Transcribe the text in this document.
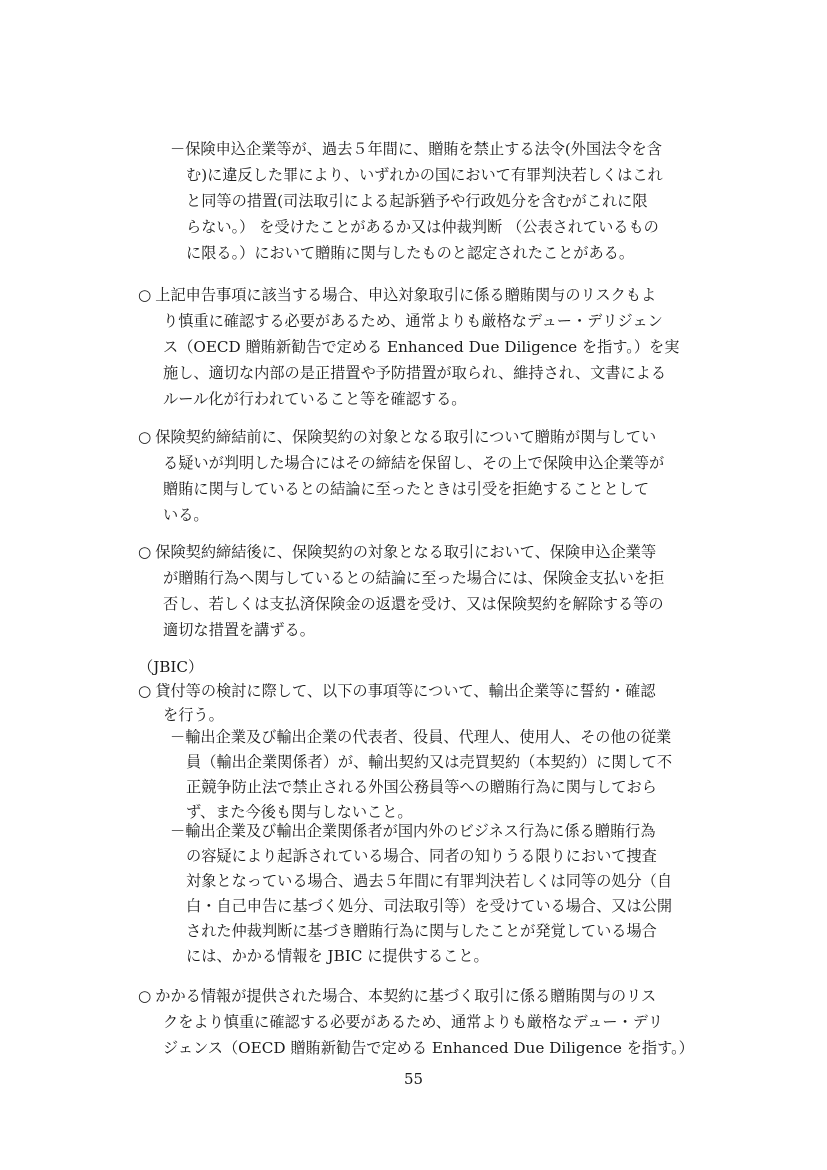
－保険申込企業等が、過去５年間に、贈賄を禁止する法令(外国法令を含
む)に違反した罪により、いずれかの国において有罪判決若しくはこれ
と同等の措置(司法取引による起訴猶予や行政処分を含むがこれに限
らない。） を受けたことがあるか又は仲裁判断 （公表されているもの
に限る。）において贈賄に関与したものと認定されたことがある。
○ 上記申告事項に該当する場合、申込対象取引に係る贈賄関与のリスクもよ
り慎重に確認する必要があるため、通常よりも厳格なデュー・デリジェン
ス（OECD 贈賄新勧告で定める Enhanced Due Diligence を指す。）を実
施し、適切な内部の是正措置や予防措置が取られ、維持され、文書による
ルール化が行われていること等を確認する。
○ 保険契約締結前に、保険契約の対象となる取引について贈賄が関与してい
る疑いが判明した場合にはその締結を保留し、その上で保険申込企業等が
贈賄に関与しているとの結論に至ったときは引受を拒絶することとして
いる。
○ 保険契約締結後に、保険契約の対象となる取引において、保険申込企業等
が贈賄行為へ関与しているとの結論に至った場合には、保険金支払いを拒
否し、若しくは支払済保険金の返還を受け、又は保険契約を解除する等の
適切な措置を講ずる。
（JBIC）
○ 貸付等の検討に際して、以下の事項等について、輸出企業等に誓約・確認
を行う。
－輸出企業及び輸出企業の代表者、役員、代理人、使用人、その他の従業
員（輸出企業関係者）が、輸出契約又は売買契約（本契約）に関して不
正競争防止法で禁止される外国公務員等への贈賄行為に関与しておら
ず、また今後も関与しないこと。
－輸出企業及び輸出企業関係者が国内外のビジネス行為に係る贈賄行為
の容疑により起訴されている場合、同者の知りうる限りにおいて捜査
対象となっている場合、過去５年間に有罪判決若しくは同等の処分（自
白・自己申告に基づく処分、司法取引等）を受けている場合、又は公開
された仲裁判断に基づき贈賄行為に関与したことが発覚している場合
には、かかる情報を JBIC に提供すること。
○ かかる情報が提供された場合、本契約に基づく取引に係る贈賄関与のリス
クをより慎重に確認する必要があるため、通常よりも厳格なデュー・デリ
ジェンス（OECD 贈賄新勧告で定める Enhanced Due Diligence を指す。）
55
